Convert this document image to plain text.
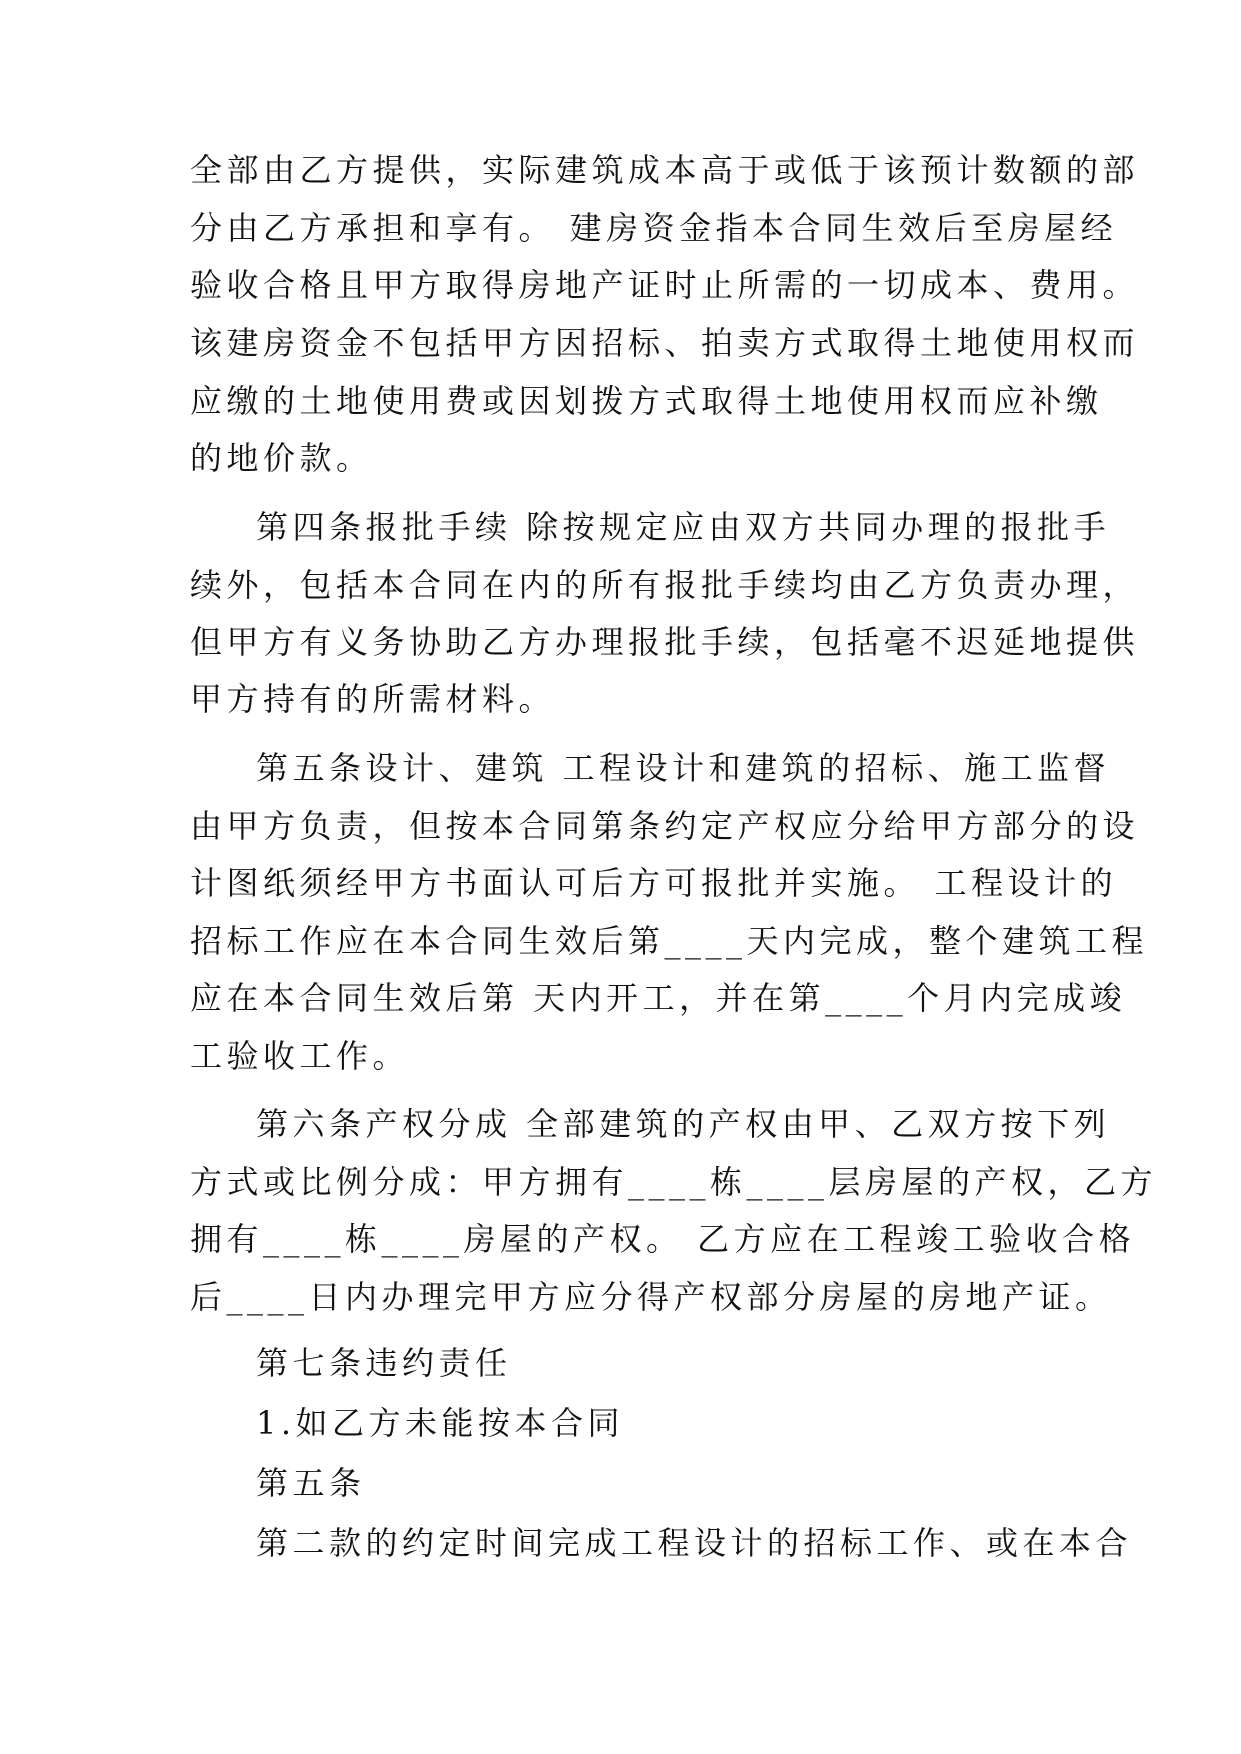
全部由乙方提供，实际建筑成本高于或低于该预计数额的部
分由乙方承担和享有。 建房资金指本合同生效后至房屋经
验收合格且甲方取得房地产证时止所需的一切成本、费用。
该建房资金不包括甲方因招标、拍卖方式取得土地使用权而
应缴的土地使用费或因划拨方式取得土地使用权而应补缴
的地价款。
第四条报批手续 除按规定应由双方共同办理的报批手
续外，包括本合同在内的所有报批手续均由乙方负责办理，
但甲方有义务协助乙方办理报批手续，包括毫不迟延地提供
甲方持有的所需材料。
第五条设计、建筑 工程设计和建筑的招标、施工监督
由甲方负责，但按本合同第条约定产权应分给甲方部分的设
计图纸须经甲方书面认可后方可报批并实施。 工程设计的
招标工作应在本合同生效后第____天内完成，整个建筑工程
应在本合同生效后第 天内开工，并在第____个月内完成竣
工验收工作。
第六条产权分成 全部建筑的产权由甲、乙双方按下列
方式或比例分成：甲方拥有____栋____层房屋的产权，乙方
拥有____栋____房屋的产权。 乙方应在工程竣工验收合格
后____日内办理完甲方应分得产权部分房屋的房地产证。
第七条违约责任
1.如乙方未能按本合同
第五条
第二款的约定时间完成工程设计的招标工作、或在本合
